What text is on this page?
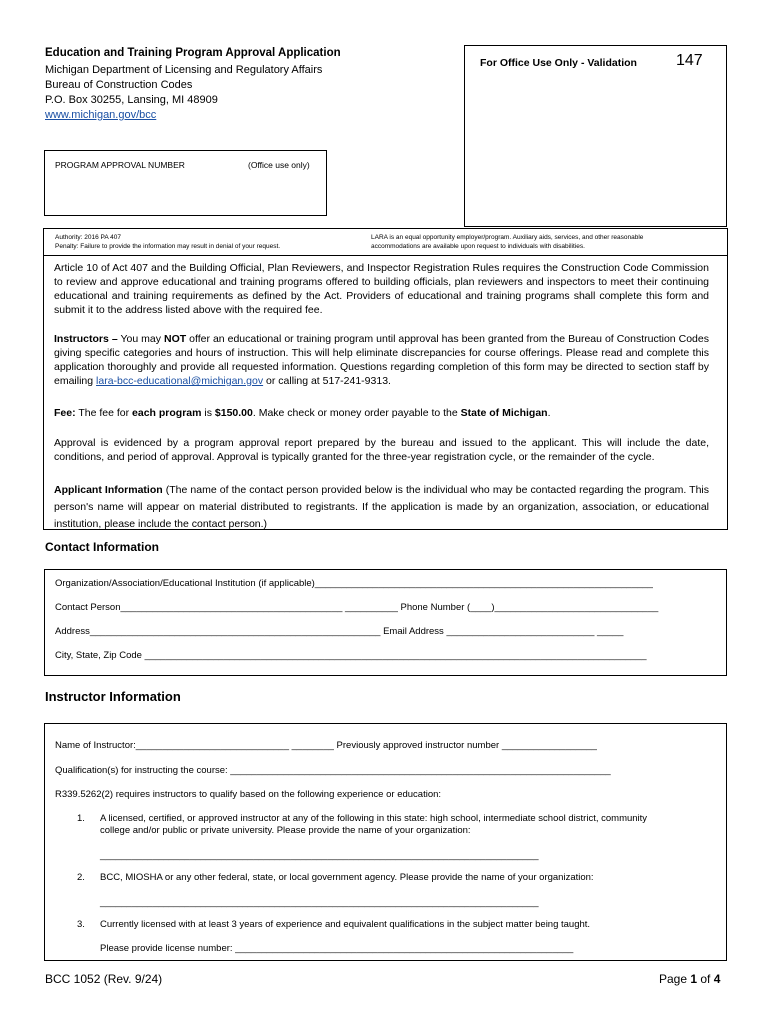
Education and Training Program Approval Application
Michigan Department of Licensing and Regulatory Affairs
Bureau of Construction Codes
P.O. Box 30255, Lansing, MI 48909
www.michigan.gov/bcc
For Office Use Only - Validation 147
PROGRAM APPROVAL NUMBER	(Office use only)
Authority: 2016 PA 407
Penalty: Failure to provide the information may result in denial of your request.
LARA is an equal opportunity employer/program. Auxiliary aids, services, and other reasonable
accommodations are available upon request to individuals with disabilities.
Article 10 of Act 407 and the Building Official, Plan Reviewers, and Inspector Registration Rules requires the Construction Code Commission to review and approve educational and training programs offered to building officials, plan reviewers and inspectors to meet their continuing educational and training requirements as defined by the Act. Providers of educational and training programs shall complete this form and submit it to the address listed above with the required fee.
Instructors – You may NOT offer an educational or training program until approval has been granted from the Bureau of Construction Codes giving specific categories and hours of instruction. This will help eliminate discrepancies for course offerings. Please read and complete this application thoroughly and provide all requested information. Questions regarding completion of this form may be directed to section staff by emailing lara-bcc-educational@michigan.gov or calling at 517-241-9313.
Fee: The fee for each program is $150.00. Make check or money order payable to the State of Michigan.
Approval is evidenced by a program approval report prepared by the bureau and issued to the applicant. This will include the date, conditions, and period of approval. Approval is typically granted for the three-year registration cycle, or the remainder of the cycle.
Applicant Information (The name of the contact person provided below is the individual who may be contacted regarding the program. This person's name will appear on material distributed to registrants. If the application is made by an organization, association, or educational institution, please include the contact person.)
Contact Information
Organization/Association/Educational Institution (if applicable)________________________________________________________________
Contact Person__________________________________________ __________ Phone Number (____)_______________________________
Address_______________________________________________________ Email Address ____________________________ _____
City, State, Zip Code _______________________________________________________________________________________________
Instructor Information
Name of Instructor:_____________________________ ________ Previously approved instructor number __________________
Qualification(s) for instructing the course: ________________________________________________________________________
R339.5262(2) requires instructors to qualify based on the following experience or education:
1. A licensed, certified, or approved instructor at any of the following in this state: high school, intermediate school district, community
college and/or public or private university. Please provide the name of your organization:
___________________________________________________________________________________
2. BCC, MIOSHA or any other federal, state, or local government agency. Please provide the name of your organization:
___________________________________________________________________________________
3. Currently licensed with at least 3 years of experience and equivalent qualifications in the subject matter being taught.
Please provide license number: ________________________________________________________________
BCC 1052 (Rev. 9/24)	Page 1 of 4
